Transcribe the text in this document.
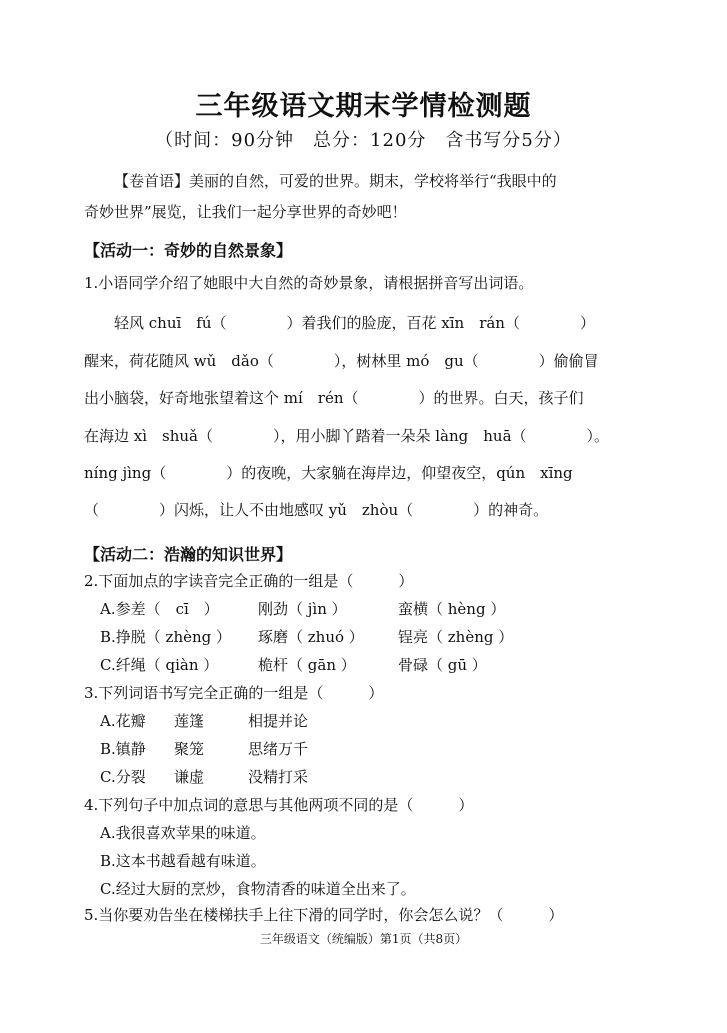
三年级语文期末学情检测题
（时间：90分钟　总分：120分　含书写分5分）
【卷首语】美丽的自然，可爱的世界。期末，学校将举行“我眼中的
奇妙世界”展览，让我们一起分享世界的奇妙吧！
【活动一：奇妙的自然景象】
1.小语同学介绍了她眼中大自然的奇妙景象，请根据拼音写出词语。
　　轻风 chuī　fú（　　　　）着我们的脸庞，百花 xīn　rán（　　　　）
醒来，荷花随风 wǔ　dǎo（　　　　），树林里 mó　gu（　　　　）偷偷冒
出小脑袋，好奇地张望着这个 mí　rén（　　　　）的世界。白天，孩子们
在海边 xì　shuǎ（　　　　），用小脚丫踏着一朵朵 làng　huā（　　　　）。
níng jìng（　　　　）的夜晚，大家躺在海岸边，仰望夜空，qún　xīng
（　　　　）闪烁，让人不由地感叹 yǔ　zhòu（　　　　）的神奇。
【活动二：浩瀚的知识世界】
2.下面加点的字读音完全正确的一组是（　　　）
A.参差（　cī　）	刚劲（ jìn ）	蛮横（ hèng ）
B.挣脱（ zhèng ） 琢磨（ zhuó ） 锃亮（ zhèng ）
C.纤绳（ qiàn ）	桅杆（ gān ）	骨碌（ gū ）
3.下列词语书写完全正确的一组是（　　　）
A.花瓣 莲篷	相提并论
B.镇静 聚笼	思绪万千
C.分裂 谦虚	没精打采
4.下列句子中加点词的意思与其他两项不同的是（　　　）
A.我很喜欢苹果的味道。
B.这本书越看越有味道。
C.经过大厨的烹炒，食物清香的味道全出来了。
5.当你要劝告坐在楼梯扶手上往下滑的同学时，你会怎么说？（　　　）
三年级语文（统编版）第1页（共8页）
